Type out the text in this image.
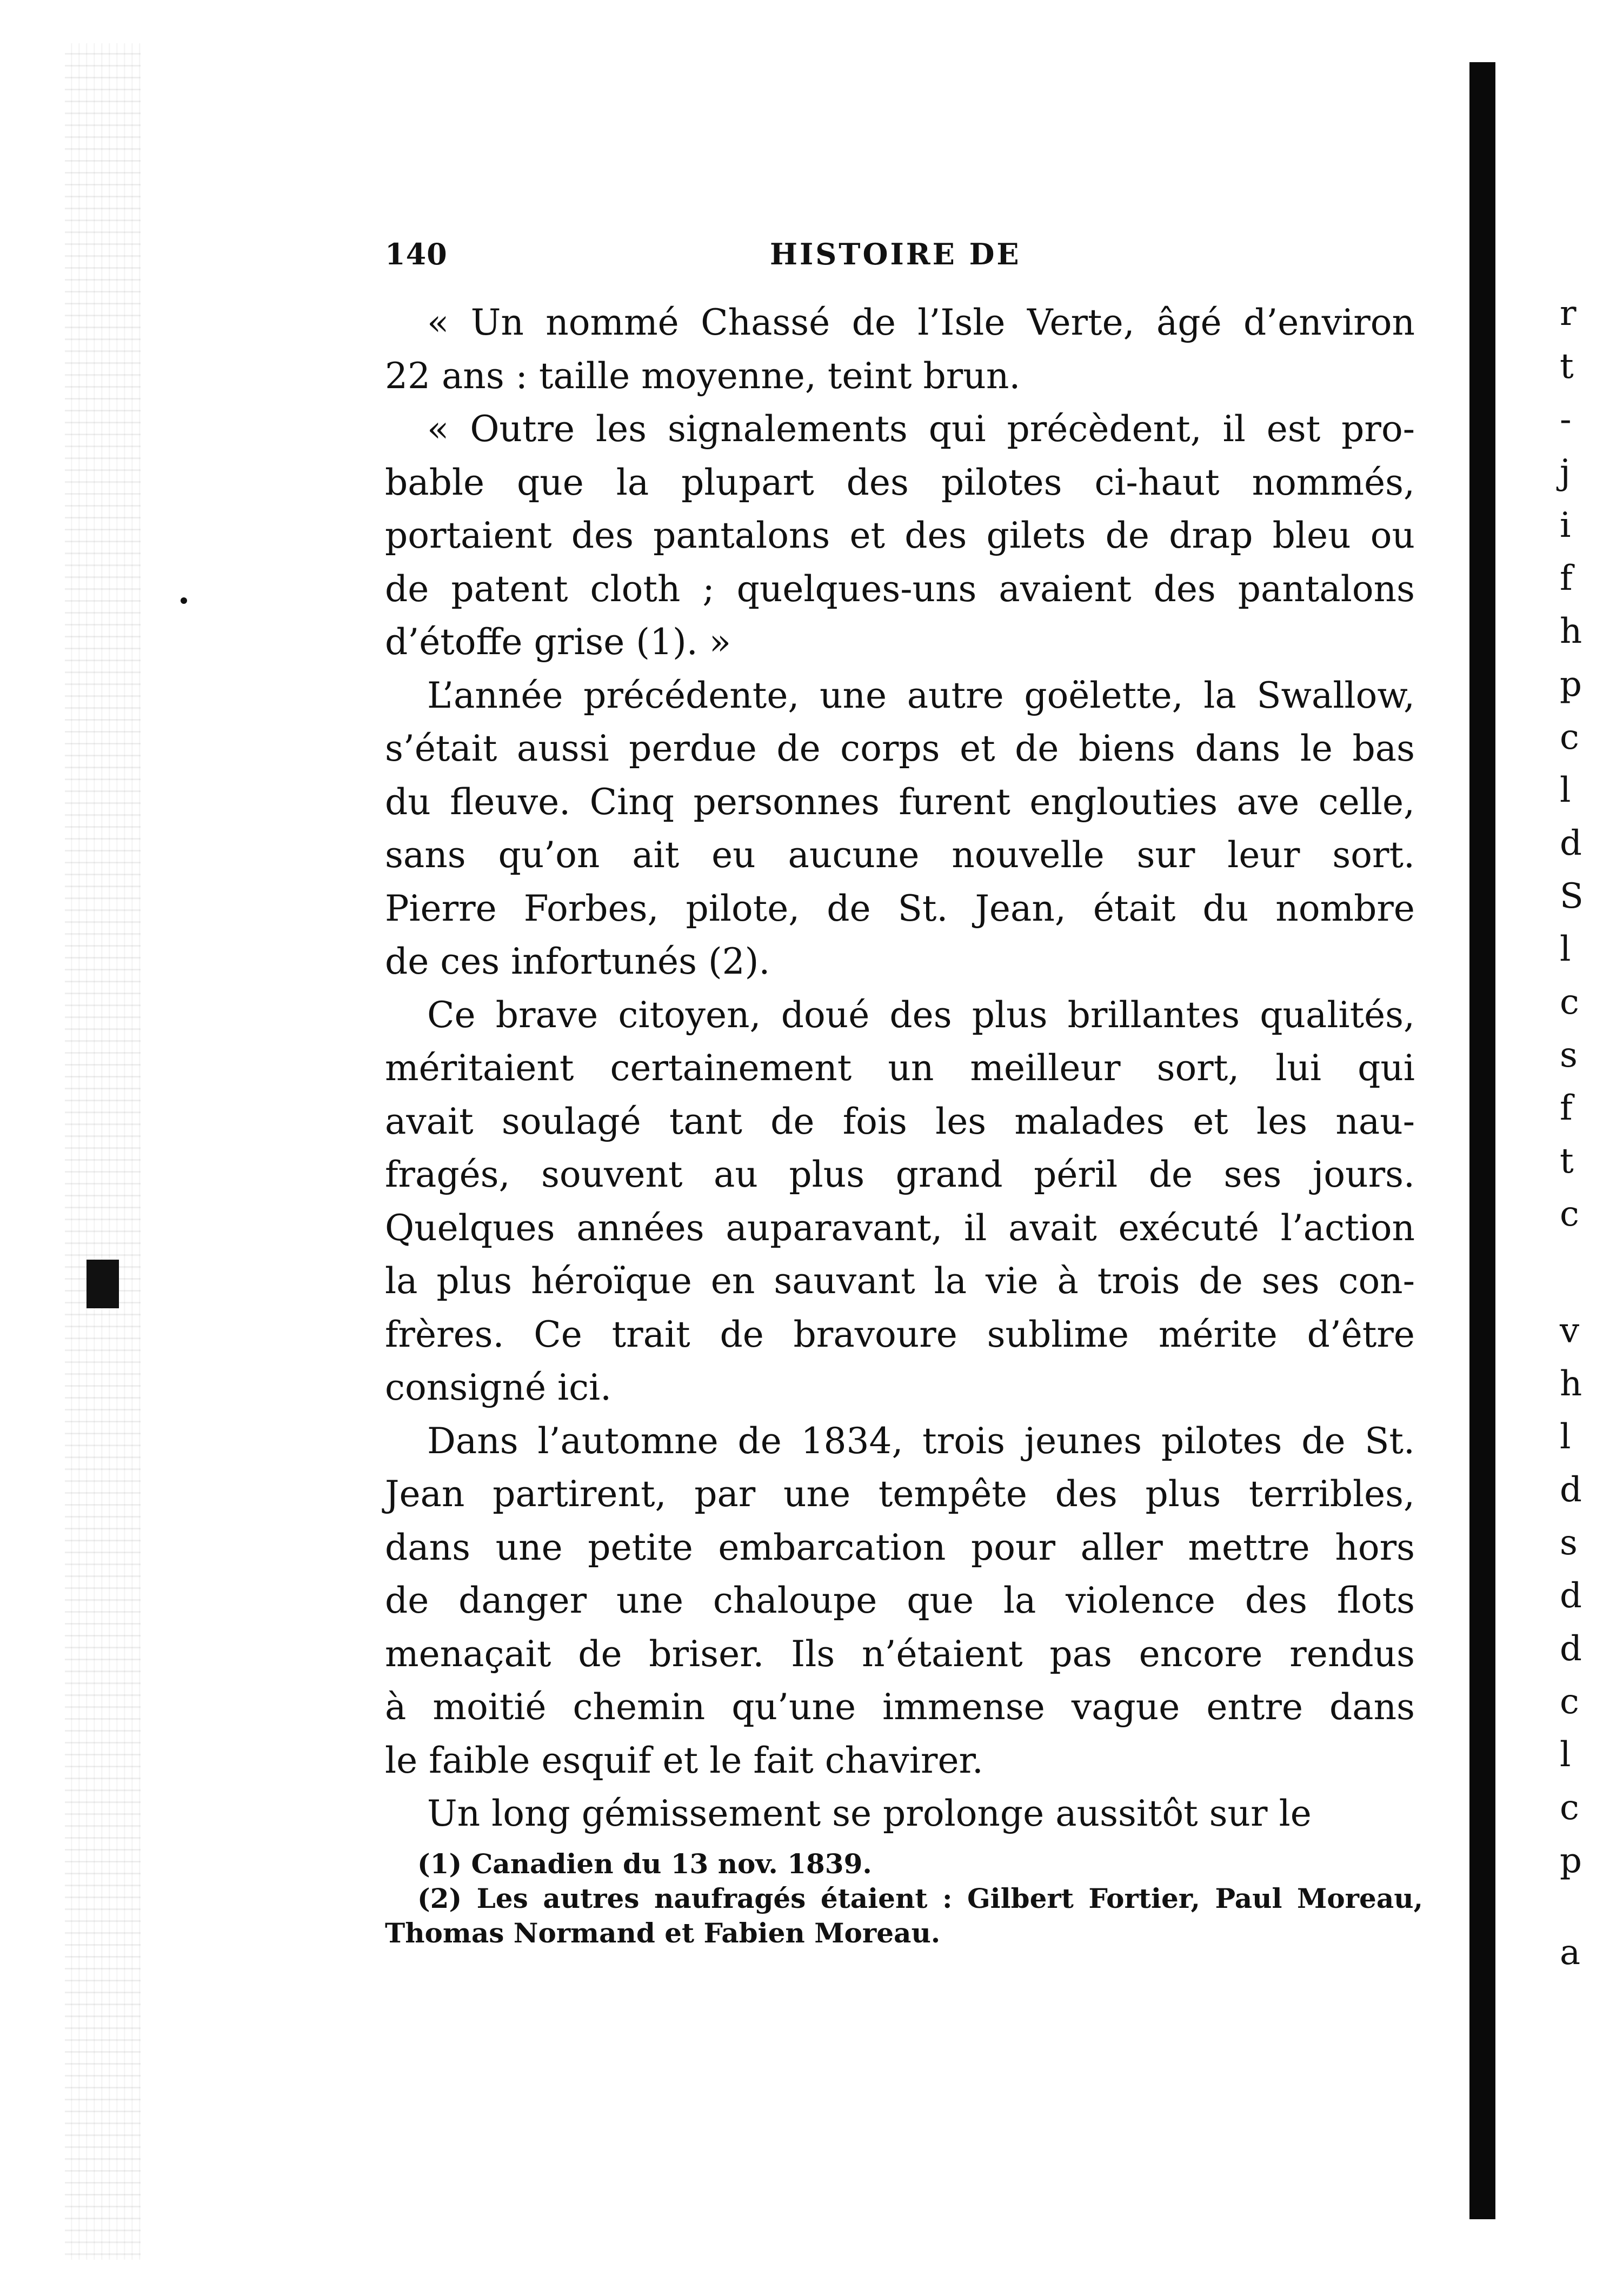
r
t
-
j
i
f
h
p
c
l
d
S
l
c
s
f
t
c
v
h
l
d
s
d
d
c
l
c
p
a
140	HISTOIRE DE

« Un nommé Chassé de l’Isle Verte, âgé d’environ
22 ans : taille moyenne, teint brun.

« Outre les signalements qui précèdent, il est pro-
bable que la plupart des pilotes ci-haut nommés,
portaient des pantalons et des gilets de drap bleu ou
de patent cloth ; quelques-uns avaient des pantalons
d’étoffe grise (1). »

L’année précédente, une autre goëlette, la Swallow,
s’était aussi perdue de corps et de biens dans le bas
du fleuve. Cinq personnes furent englouties ave celle,
sans qu’on ait eu aucune nouvelle sur leur sort.
Pierre Forbes, pilote, de St. Jean, était du nombre
de ces infortunés (2).

Ce brave citoyen, doué des plus brillantes qualités,
méritaient certainement un meilleur sort, lui qui
avait soulagé tant de fois les malades et les nau-
fragés, souvent au plus grand péril de ses jours.
Quelques années auparavant, il avait exécuté l’action
la plus héroïque en sauvant la vie à trois de ses con-
frères. Ce trait de bravoure sublime mérite d’être
consigné ici.

Dans l’automne de 1834, trois jeunes pilotes de St.
Jean partirent, par une tempête des plus terribles,
dans une petite embarcation pour aller mettre hors
de danger une chaloupe que la violence des flots
menaçait de briser. Ils n’étaient pas encore rendus
à moitié chemin qu’une immense vague entre dans
le faible esquif et le fait chavirer.

Un long gémissement se prolonge aussitôt sur le

(1) Canadien du 13 nov. 1839.
(2) Les autres naufragés étaient : Gilbert Fortier, Paul Moreau,
Thomas Normand et Fabien Moreau.
